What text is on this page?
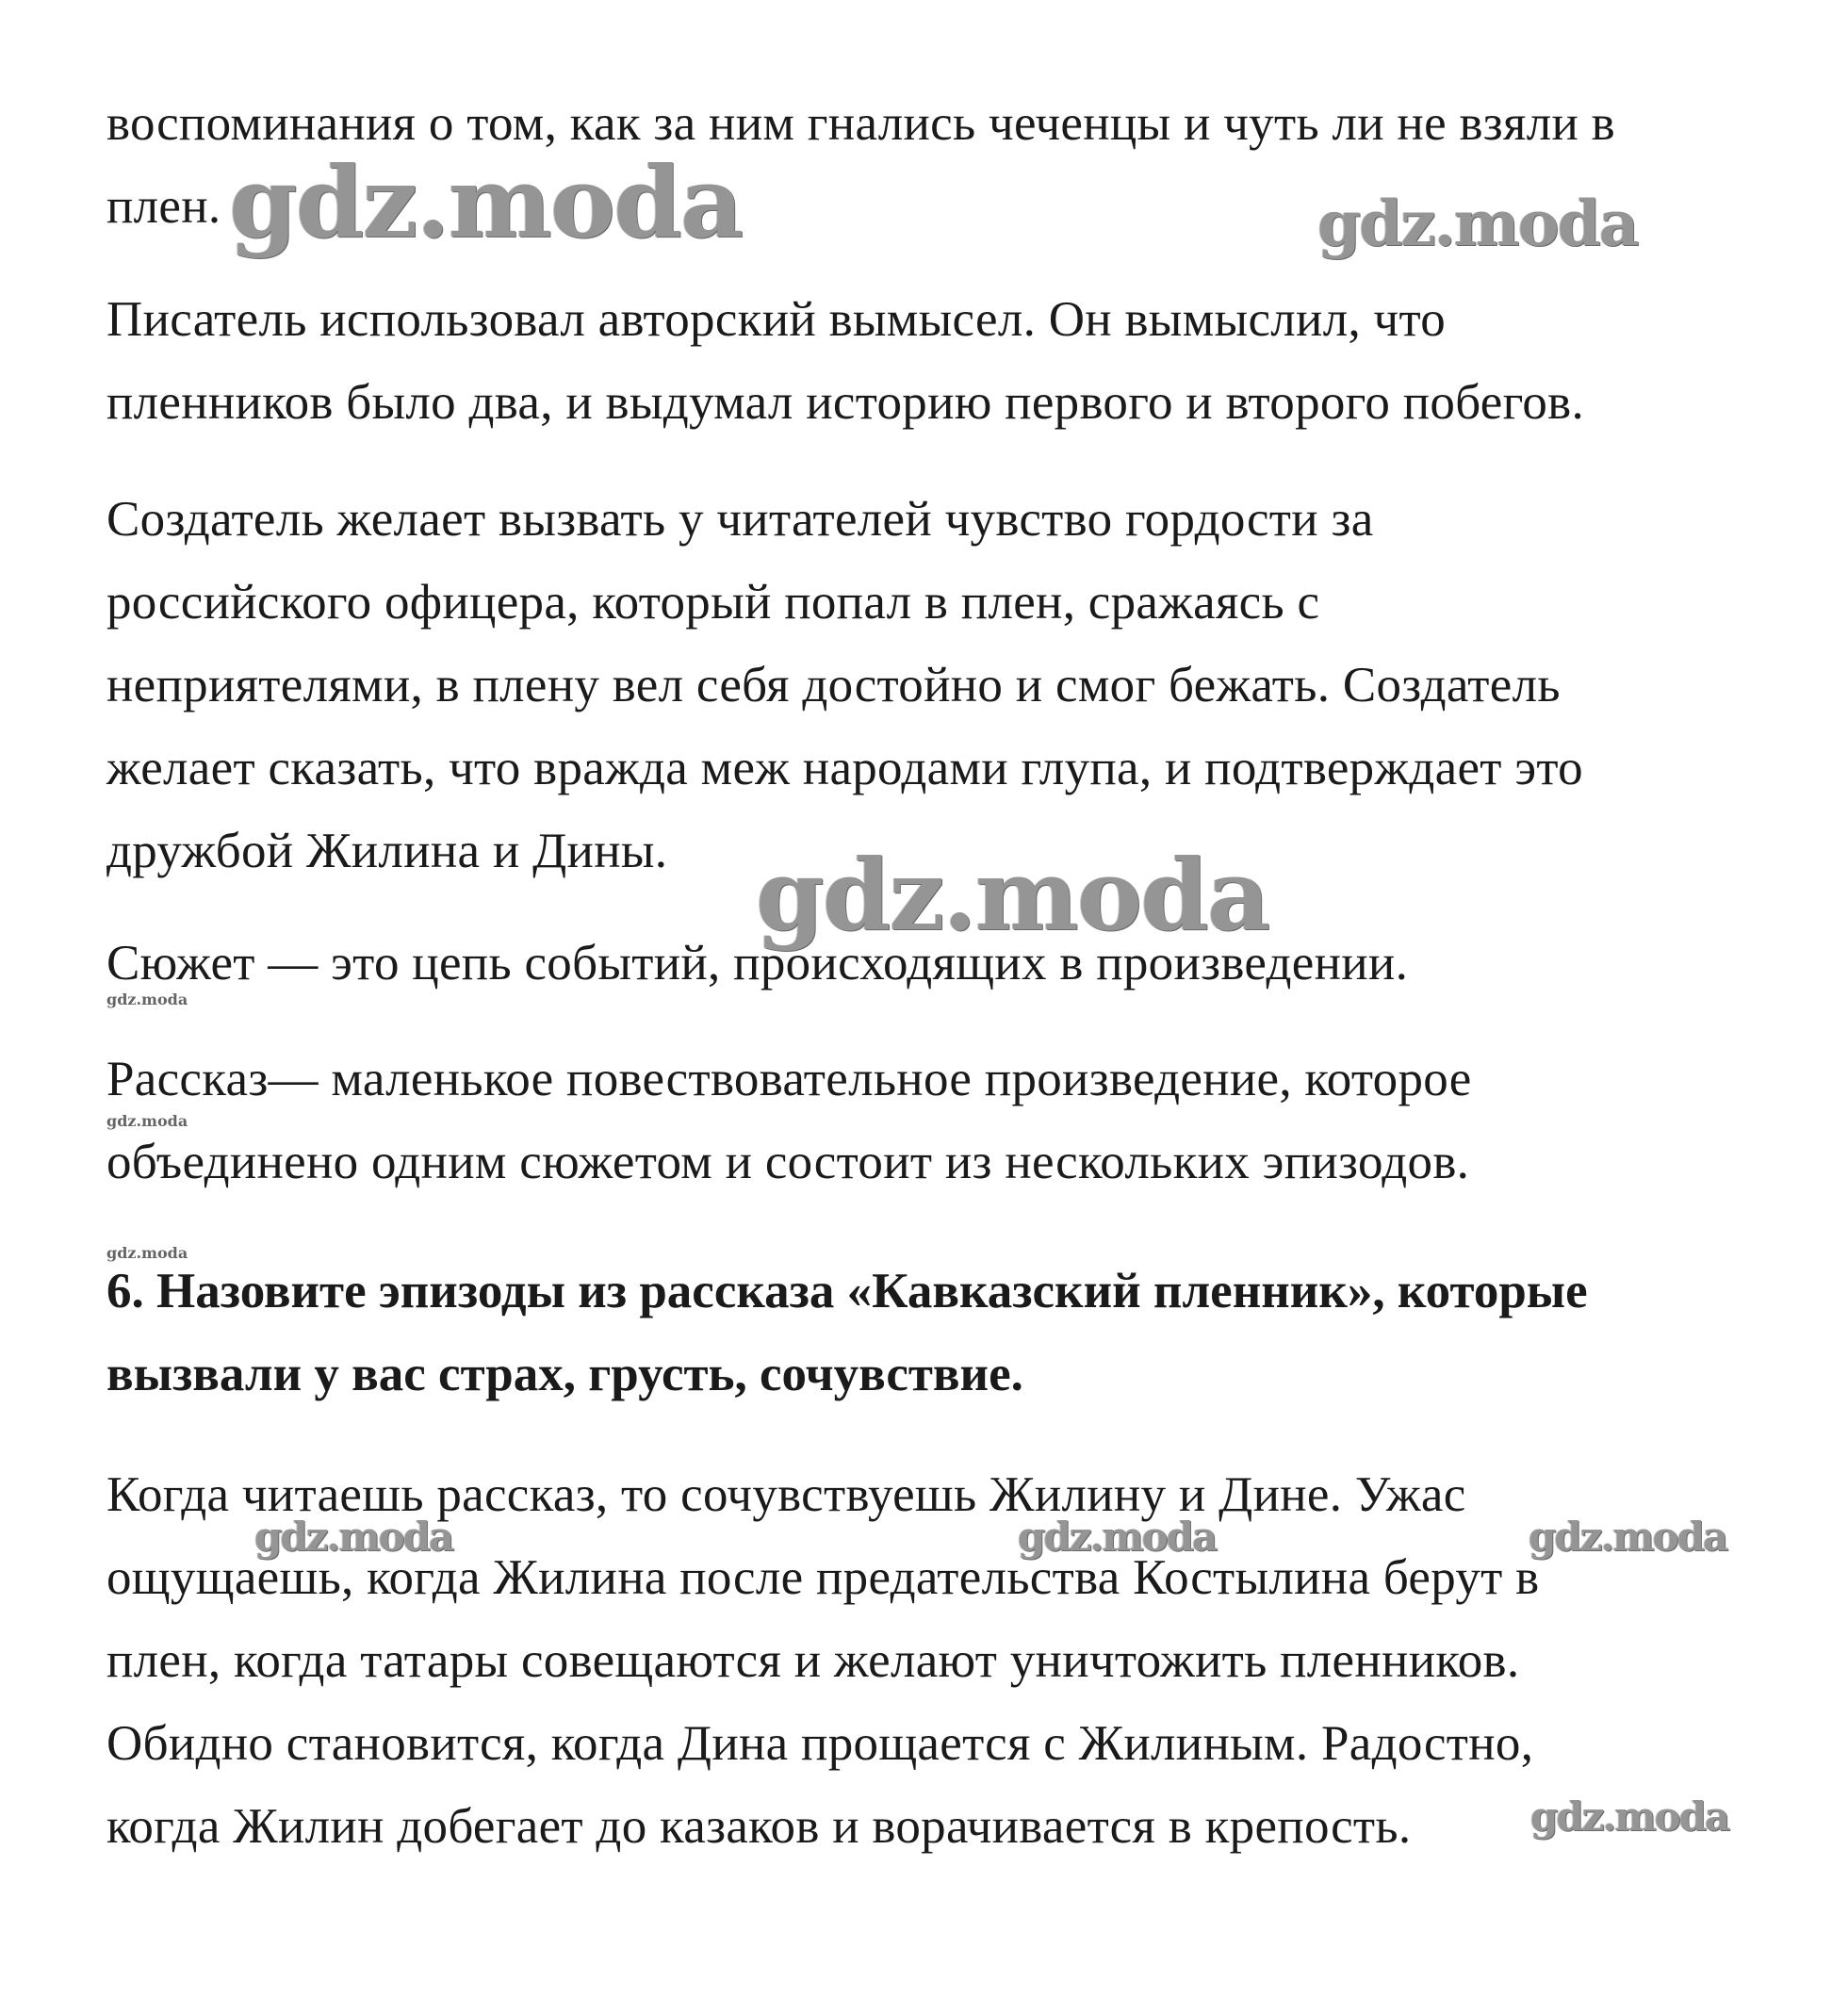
воспоминания о том, как за ним гнались чеченцы и чуть ли не взяли в
плен.

Писатель использовал авторский вымысел. Он вымыслил, что
пленников было два, и выдумал историю первого и второго побегов.

Создатель желает вызвать у читателей чувство гордости за
российского офицера, который попал в плен, сражаясь с
неприятелями, в плену вел себя достойно и смог бежать. Создатель
желает сказать, что вражда меж народами глупа, и подтверждает это
дружбой Жилина и Дины.

Сюжет — это цепь событий, происходящих в произведении.

Рассказ— маленькое повествовательное произведение, которое
объединено одним сюжетом и состоит из нескольких эпизодов.

6. Назовите эпизоды из рассказа «Кавказский пленник», которые
вызвали у вас страх, грусть, сочувствие.

Когда читаешь рассказ, то сочувствуешь Жилину и Дине. Ужас
ощущаешь, когда Жилина после предательства Костылина берут в
плен, когда татары совещаются и желают уничтожить пленников.
Обидно становится, когда Дина прощается с Жилиным. Радостно,
когда Жилин добегает до казаков и ворачивается в крепость.

gdz.moda	gdz.moda
gdz.moda
gdz.moda
gdz.moda
gdz.moda
gdz.moda	gdz.moda	gdz.moda
gdz.moda
